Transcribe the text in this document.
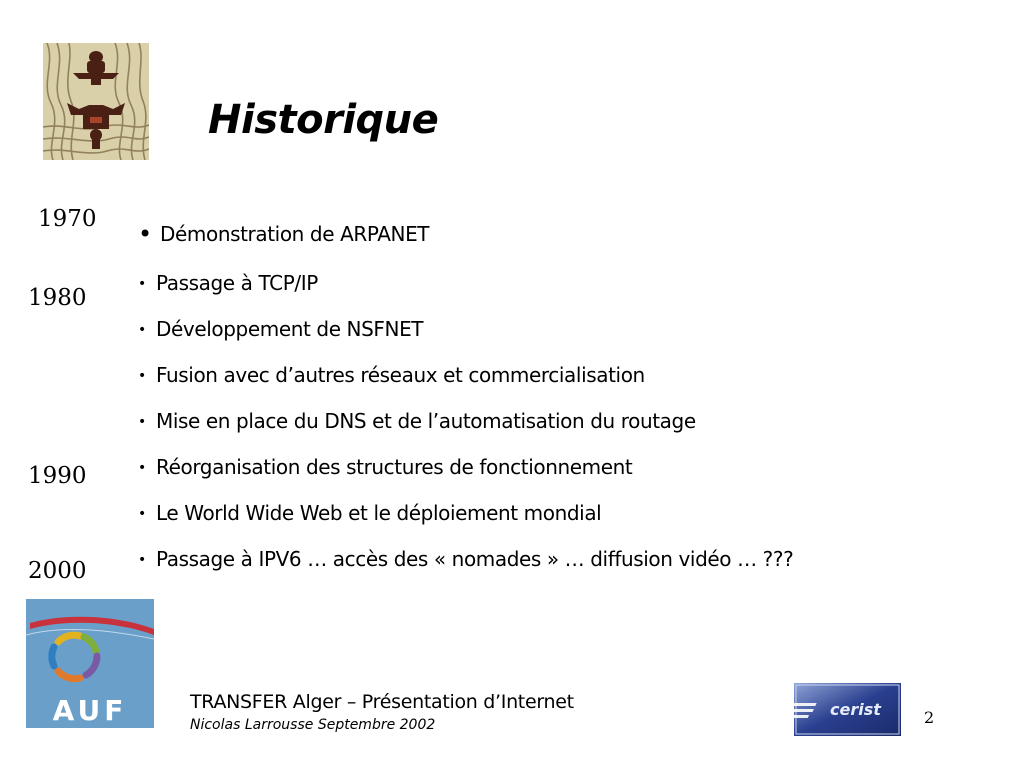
Historique
1970
1980
1990
2000
• Démonstration de ARPANET
• Passage à TCP/IP
• Développement de NSFNET
• Fusion avec d’autres réseaux et commercialisation
• Mise en place du DNS et de l’automatisation du routage
• Réorganisation des structures de fonctionnement
• Le World Wide Web et le déploiement mondial
• Passage à IPV6 … accès des « nomades » … diffusion vidéo … ???
AUF	TRANSFER Alger – Présentation d’Internet
Nicolas Larrousse Septembre 2002
cerist	2
